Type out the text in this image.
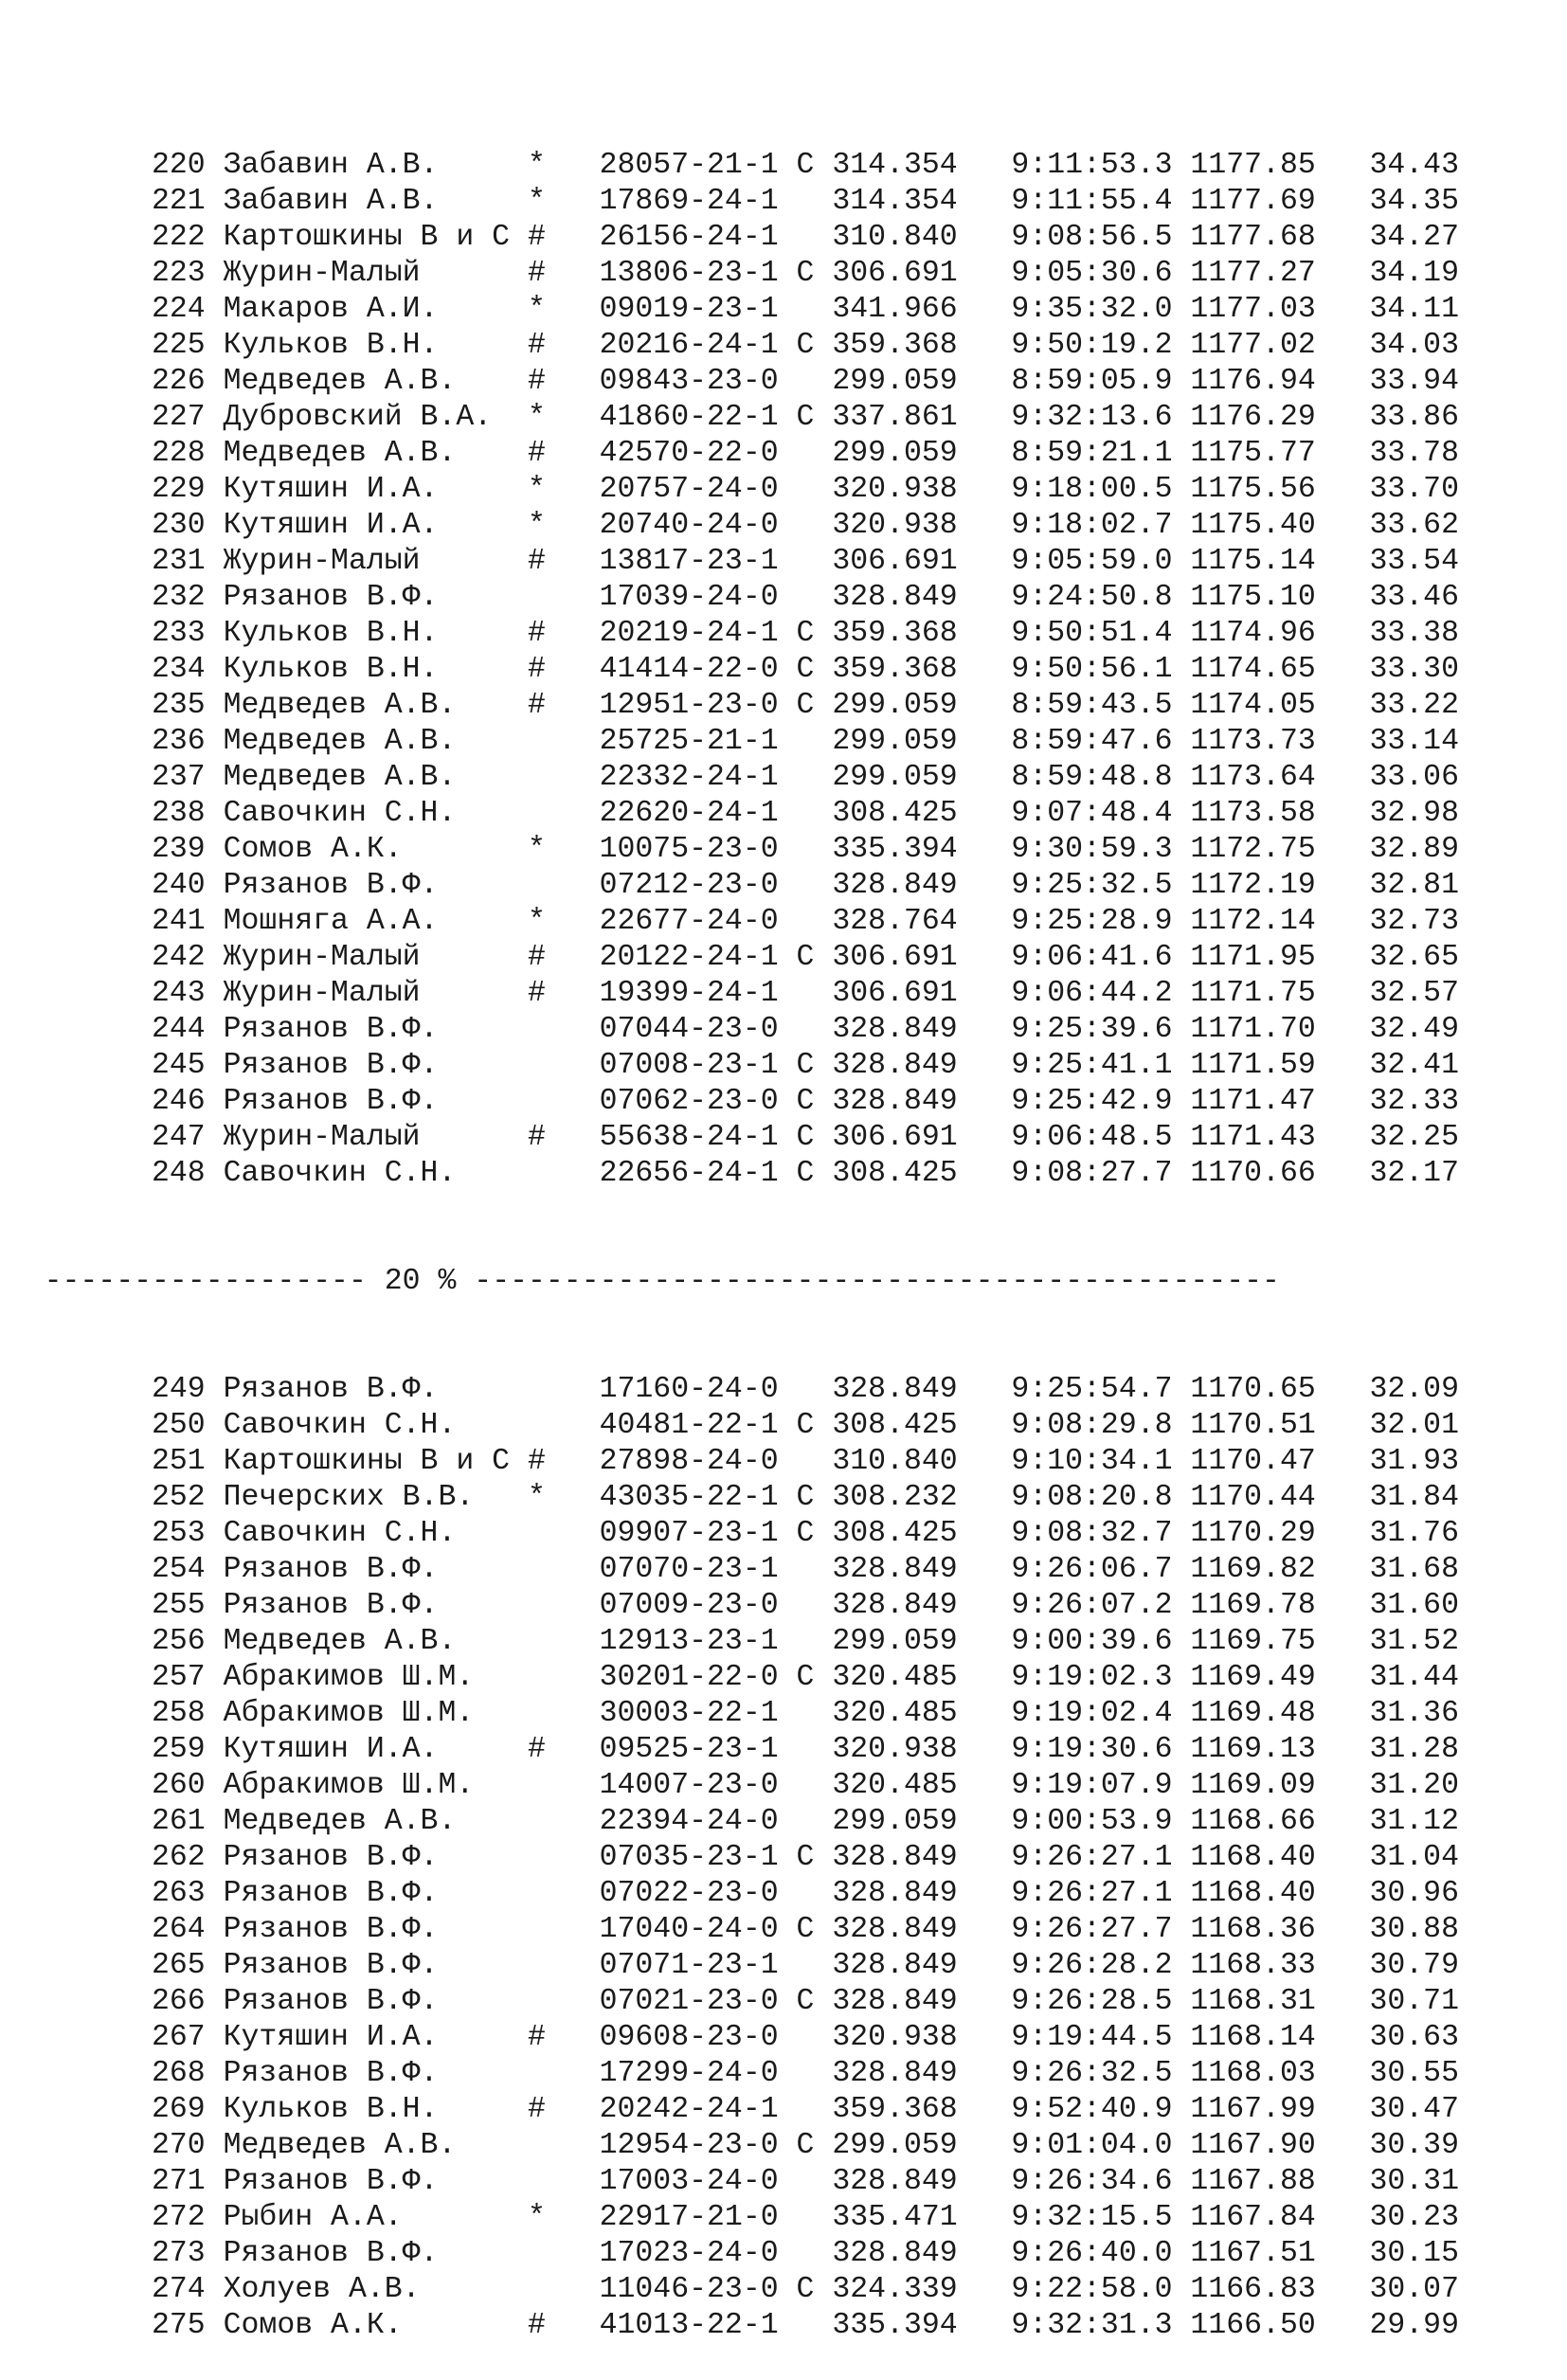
220 Забавин А.В.     *   28057-21-1 С 314.354   9:11:53.3 1177.85   34.43
221 Забавин А.В.     *   17869-24-1   314.354   9:11:55.4 1177.69   34.35
222 Картошкины В и С #   26156-24-1   310.840   9:08:56.5 1177.68   34.27
223 Журин-Малый      #   13806-23-1 С 306.691   9:05:30.6 1177.27   34.19
224 Макаров А.И.     *   09019-23-1   341.966   9:35:32.0 1177.03   34.11
225 Кульков В.Н.     #   20216-24-1 С 359.368   9:50:19.2 1177.02   34.03
226 Медведев А.В.    #   09843-23-0   299.059   8:59:05.9 1176.94   33.94
227 Дубровский В.А.  *   41860-22-1 С 337.861   9:32:13.6 1176.29   33.86
228 Медведев А.В.    #   42570-22-0   299.059   8:59:21.1 1175.77   33.78
229 Кутяшин И.А.     *   20757-24-0   320.938   9:18:00.5 1175.56   33.70
230 Кутяшин И.А.     *   20740-24-0   320.938   9:18:02.7 1175.40   33.62
231 Журин-Малый      #   13817-23-1   306.691   9:05:59.0 1175.14   33.54
232 Рязанов В.Ф.         17039-24-0   328.849   9:24:50.8 1175.10   33.46
233 Кульков В.Н.     #   20219-24-1 С 359.368   9:50:51.4 1174.96   33.38
234 Кульков В.Н.     #   41414-22-0 С 359.368   9:50:56.1 1174.65   33.30
235 Медведев А.В.    #   12951-23-0 С 299.059   8:59:43.5 1174.05   33.22
236 Медведев А.В.        25725-21-1   299.059   8:59:47.6 1173.73   33.14
237 Медведев А.В.        22332-24-1   299.059   8:59:48.8 1173.64   33.06
238 Савочкин С.Н.        22620-24-1   308.425   9:07:48.4 1173.58   32.98
239 Сомов А.К.       *   10075-23-0   335.394   9:30:59.3 1172.75   32.89
240 Рязанов В.Ф.         07212-23-0   328.849   9:25:32.5 1172.19   32.81
241 Мошняга А.А.     *   22677-24-0   328.764   9:25:28.9 1172.14   32.73
242 Журин-Малый      #   20122-24-1 С 306.691   9:06:41.6 1171.95   32.65
243 Журин-Малый      #   19399-24-1   306.691   9:06:44.2 1171.75   32.57
244 Рязанов В.Ф.         07044-23-0   328.849   9:25:39.6 1171.70   32.49
245 Рязанов В.Ф.         07008-23-1 С 328.849   9:25:41.1 1171.59   32.41
246 Рязанов В.Ф.         07062-23-0 С 328.849   9:25:42.9 1171.47   32.33
247 Журин-Малый      #   55638-24-1 С 306.691   9:06:48.5 1171.43   32.25
248 Савочкин С.Н.        22656-24-1 С 308.425   9:08:27.7 1170.66   32.17

------------------ 20 % ---------------------------------------------

249 Рязанов В.Ф.         17160-24-0   328.849   9:25:54.7 1170.65   32.09
250 Савочкин С.Н.        40481-22-1 С 308.425   9:08:29.8 1170.51   32.01
251 Картошкины В и С #   27898-24-0   310.840   9:10:34.1 1170.47   31.93
252 Печерских В.В.   *   43035-22-1 С 308.232   9:08:20.8 1170.44   31.84
253 Савочкин С.Н.        09907-23-1 С 308.425   9:08:32.7 1170.29   31.76
254 Рязанов В.Ф.         07070-23-1   328.849   9:26:06.7 1169.82   31.68
255 Рязанов В.Ф.         07009-23-0   328.849   9:26:07.2 1169.78   31.60
256 Медведев А.В.        12913-23-1   299.059   9:00:39.6 1169.75   31.52
257 Абракимов Ш.М.       30201-22-0 С 320.485   9:19:02.3 1169.49   31.44
258 Абракимов Ш.М.       30003-22-1   320.485   9:19:02.4 1169.48   31.36
259 Кутяшин И.А.     #   09525-23-1   320.938   9:19:30.6 1169.13   31.28
260 Абракимов Ш.М.       14007-23-0   320.485   9:19:07.9 1169.09   31.20
261 Медведев А.В.        22394-24-0   299.059   9:00:53.9 1168.66   31.12
262 Рязанов В.Ф.         07035-23-1 С 328.849   9:26:27.1 1168.40   31.04
263 Рязанов В.Ф.         07022-23-0   328.849   9:26:27.1 1168.40   30.96
264 Рязанов В.Ф.         17040-24-0 С 328.849   9:26:27.7 1168.36   30.88
265 Рязанов В.Ф.         07071-23-1   328.849   9:26:28.2 1168.33   30.79
266 Рязанов В.Ф.         07021-23-0 С 328.849   9:26:28.5 1168.31   30.71
267 Кутяшин И.А.     #   09608-23-0   320.938   9:19:44.5 1168.14   30.63
268 Рязанов В.Ф.         17299-24-0   328.849   9:26:32.5 1168.03   30.55
269 Кульков В.Н.     #   20242-24-1   359.368   9:52:40.9 1167.99   30.47
270 Медведев А.В.        12954-23-0 С 299.059   9:01:04.0 1167.90   30.39
271 Рязанов В.Ф.         17003-24-0   328.849   9:26:34.6 1167.88   30.31
272 Рыбин А.А.       *   22917-21-0   335.471   9:32:15.5 1167.84   30.23
273 Рязанов В.Ф.         17023-24-0   328.849   9:26:40.0 1167.51   30.15
274 Холуев А.В.          11046-23-0 С 324.339   9:22:58.0 1166.83   30.07
275 Сомов А.К.       #   41013-22-1   335.394   9:32:31.3 1166.50   29.99
